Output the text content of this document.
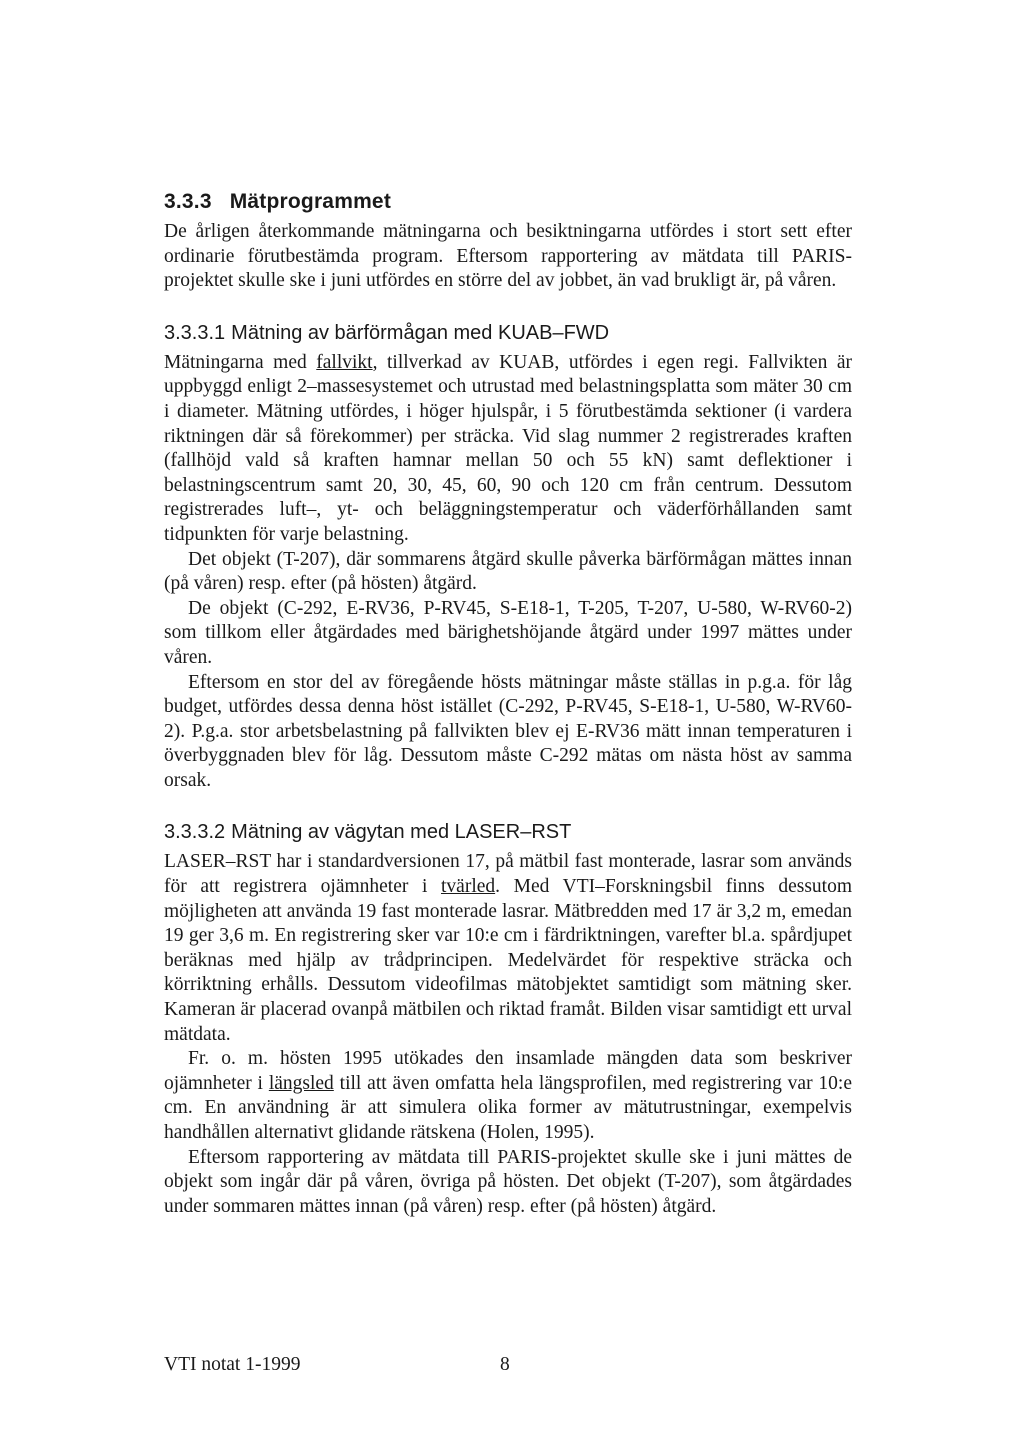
3.3.3 Mätprogrammet

De årligen återkommande mätningarna och besiktningarna utfördes i stort sett efter ordinarie förutbestämda program. Eftersom rapportering av mätdata till PARIS-projektet skulle ske i juni utfördes en större del av jobbet, än vad brukligt är, på våren.

3.3.3.1 Mätning av bärförmågan med KUAB–FWD

Mätningarna med fallvikt, tillverkad av KUAB, utfördes i egen regi. Fallvikten är uppbyggd enligt 2–massesystemet och utrustad med belastningsplatta som mäter 30 cm i diameter. Mätning utfördes, i höger hjulspår, i 5 förutbestämda sektioner (i vardera riktningen där så förekommer) per sträcka. Vid slag nummer 2 registrerades kraften (fallhöjd vald så kraften hamnar mellan 50 och 55 kN) samt deflektioner i belastningscentrum samt 20, 30, 45, 60, 90 och 120 cm från centrum. Dessutom registrerades luft–, yt- och beläggningstemperatur och väderförhållanden samt tidpunkten för varje belastning.

Det objekt (T-207), där sommarens åtgärd skulle påverka bärförmågan mättes innan (på våren) resp. efter (på hösten) åtgärd.

De objekt (C-292, E-RV36, P-RV45, S-E18-1, T-205, T-207, U-580, W-RV60-2) som tillkom eller åtgärdades med bärighetshöjande åtgärd under 1997 mättes under våren.

Eftersom en stor del av föregående hösts mätningar måste ställas in p.g.a. för låg budget, utfördes dessa denna höst istället (C-292, P-RV45, S-E18-1, U-580, W-RV60-2). P.g.a. stor arbetsbelastning på fallvikten blev ej E-RV36 mätt innan temperaturen i överbyggnaden blev för låg. Dessutom måste C-292 mätas om nästa höst av samma orsak.

3.3.3.2 Mätning av vägytan med LASER–RST

LASER–RST har i standardversionen 17, på mätbil fast monterade, lasrar som används för att registrera ojämnheter i tvärled. Med VTI–Forskningsbil finns dessutom möjligheten att använda 19 fast monterade lasrar. Mätbredden med 17 är 3,2 m, emedan 19 ger 3,6 m. En registrering sker var 10:e cm i färdriktningen, varefter bl.a. spårdjupet beräknas med hjälp av trådprincipen. Medelvärdet för respektive sträcka och körriktning erhålls. Dessutom videofilmas mätobjektet samtidigt som mätning sker. Kameran är placerad ovanpå mätbilen och riktad framåt. Bilden visar samtidigt ett urval mätdata.

Fr. o. m. hösten 1995 utökades den insamlade mängden data som beskriver ojämnheter i längsled till att även omfatta hela längsprofilen, med registrering var 10:e cm. En användning är att simulera olika former av mätutrustningar, exempelvis handhållen alternativt glidande rätskena (Holen, 1995).

Eftersom rapportering av mätdata till PARIS-projektet skulle ske i juni mättes de objekt som ingår där på våren, övriga på hösten. Det objekt (T-207), som åtgärdades under sommaren mättes innan (på våren) resp. efter (på hösten) åtgärd.

VTI notat 1-1999	8
